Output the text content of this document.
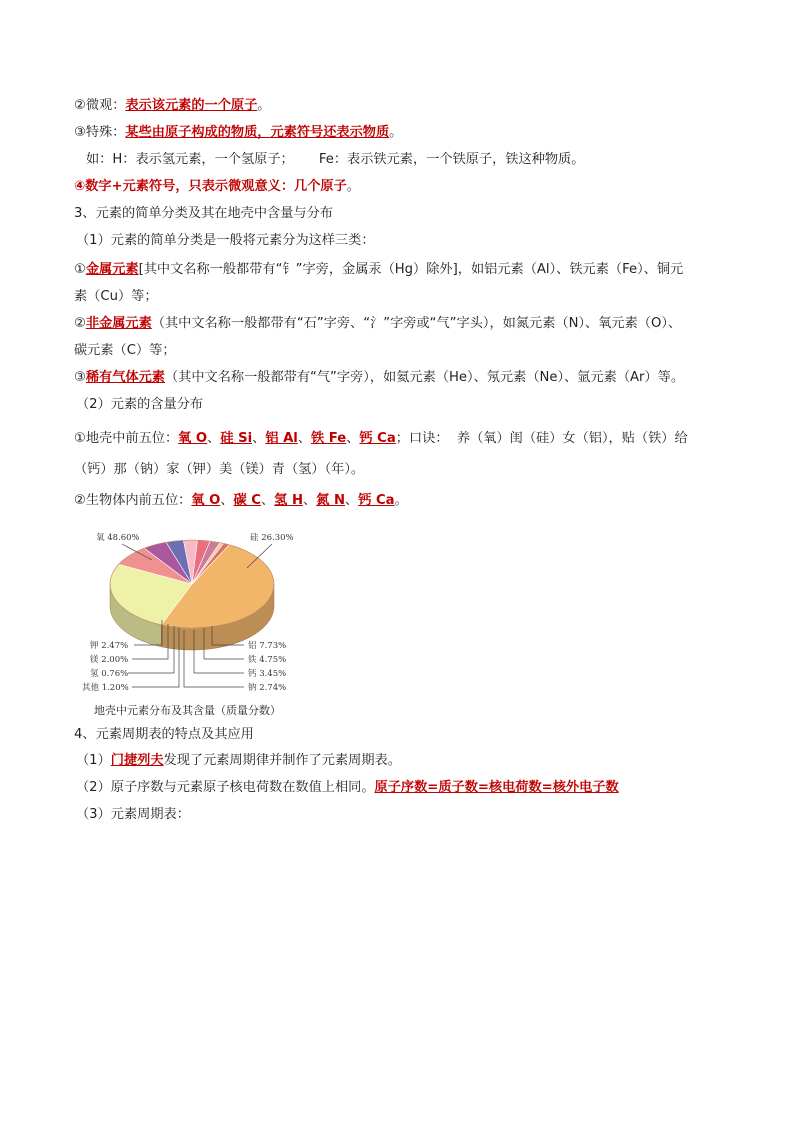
②微观：表示该元素的一个原子。
③特殊：某些由原子构成的物质，元素符号还表示物质。
如：H：表示氢元素，一个氢原子；      Fe：表示铁元素，一个铁原子，铁这种物质。
④数字+元素符号，只表示微观意义：几个原子。
3、元素的简单分类及其在地壳中含量与分布
（1）元素的简单分类是一般将元素分为这样三类：
①金属元素[其中文名称一般都带有“钅”字旁，金属汞（Hg）除外]，如铝元素（Al）、铁元素（Fe）、铜元
素（Cu）等；
②非金属元素（其中文名称一般都带有“石”字旁、“氵”字旁或“气”字头），如氮元素（N）、氧元素（O）、
碳元素（C）等；
③稀有气体元素（其中文名称一般都带有“气”字旁），如氦元素（He）、氖元素（Ne）、氩元素（Ar）等。
（2）元素的含量分布
①地壳中前五位：氧 O、硅 Si、铝 Al、铁 Fe、钙 Ca；口诀：  养（氧）闺（硅）女（铝），贴（铁）给
（钙）那（钠）家（钾）美（镁）青（氢）（年）。
②生物体内前五位：氧 O、碳 C、氢 H、氮 N、钙 Ca。
氧 48.60%	硅 26.30%
铝 7.73%
铁 4.75%
钙 3.45%
钠 2.74%
钾 2.47%
镁 2.00%
氢 0.76%
其他 1.20%
地壳中元素分布及其含量（质量分数）
4、元素周期表的特点及其应用
（1）门捷列夫发现了元素周期律并制作了元素周期表。
（2）原子序数与元素原子核电荷数在数值上相同。原子序数=质子数=核电荷数=核外电子数
（3）元素周期表：
